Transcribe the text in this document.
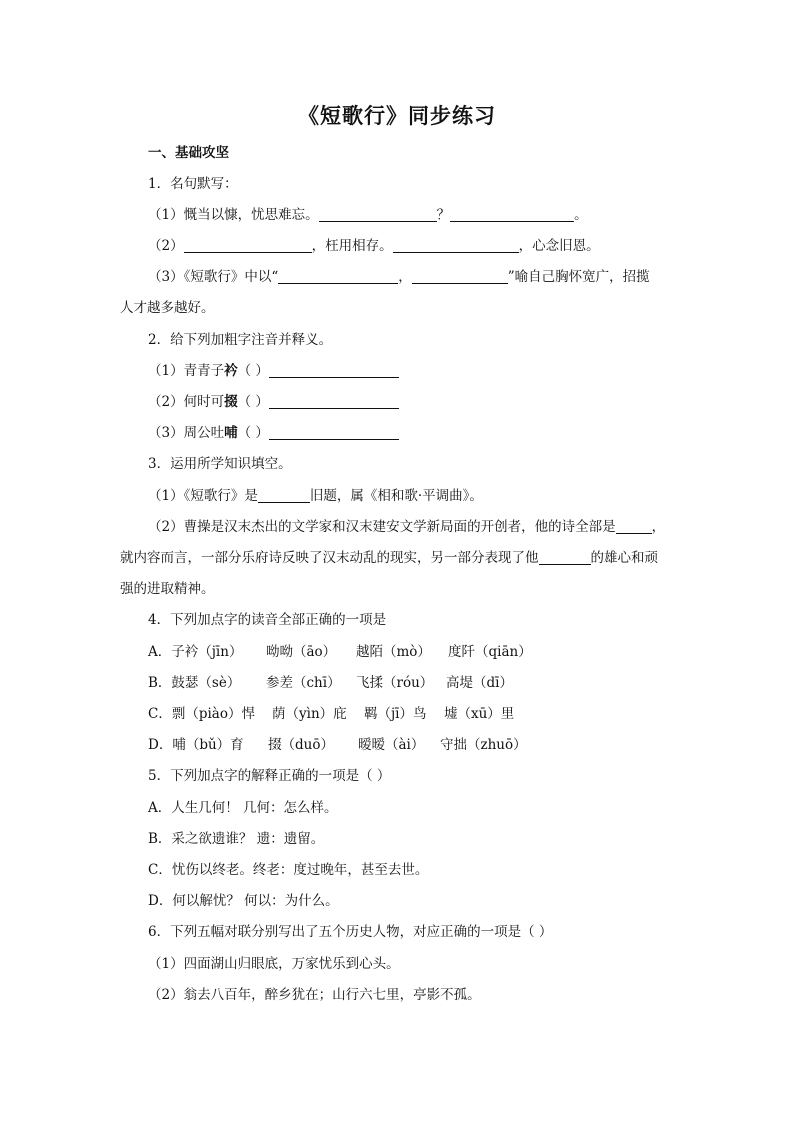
《短歌行》同步练习
一、基础攻坚
1．名句默写：
（1）慨当以慷，忧思难忘。	？	。
（2）	，枉用相存。	，心念旧恩。
（3）《短歌行》中以“	，	”喻自己胸怀宽广，招揽
人才越多越好。
2．给下列加粗字注音并释义。
（1）青青子衿（ ）
（2）何时可掇（ ）
（3）周公吐哺（ ）
3．运用所学知识填空。
（1）《短歌行》是	旧题，属《相和歌·平调曲》。
（2）曹操是汉末杰出的文学家和汉末建安文学新局面的开创者，他的诗全部是	，
就内容而言，一部分乐府诗反映了汉末动乱的现实，另一部分表现了他	的雄心和顽
强的进取精神。
4．下列加点字的读音全部正确的一项是
A．子衿（jīn） 呦呦（āo） 越陌（mò） 度阡（qiān）
B．鼓瑟（sè） 参差（chī） 飞揉（róu） 高堤（dī）
C．剽（piào）悍 荫（yìn）庇 羁（jī）鸟 墟（xū）里
D．哺（bǔ）育 掇（duō） 暧暧（ài） 守拙（zhuō）
5．下列加点字的解释正确的一项是（ ）
A．人生几何！ 几何：怎么样。
B．采之欲遗谁？ 遗：遗留。
C．忧伤以终老。终老：度过晚年，甚至去世。
D．何以解忧？ 何以：为什么。
6．下列五幅对联分别写出了五个历史人物，对应正确的一项是（ ）
（1）四面湖山归眼底，万家忧乐到心头。
（2）翁去八百年，醉乡犹在；山行六七里，亭影不孤。
